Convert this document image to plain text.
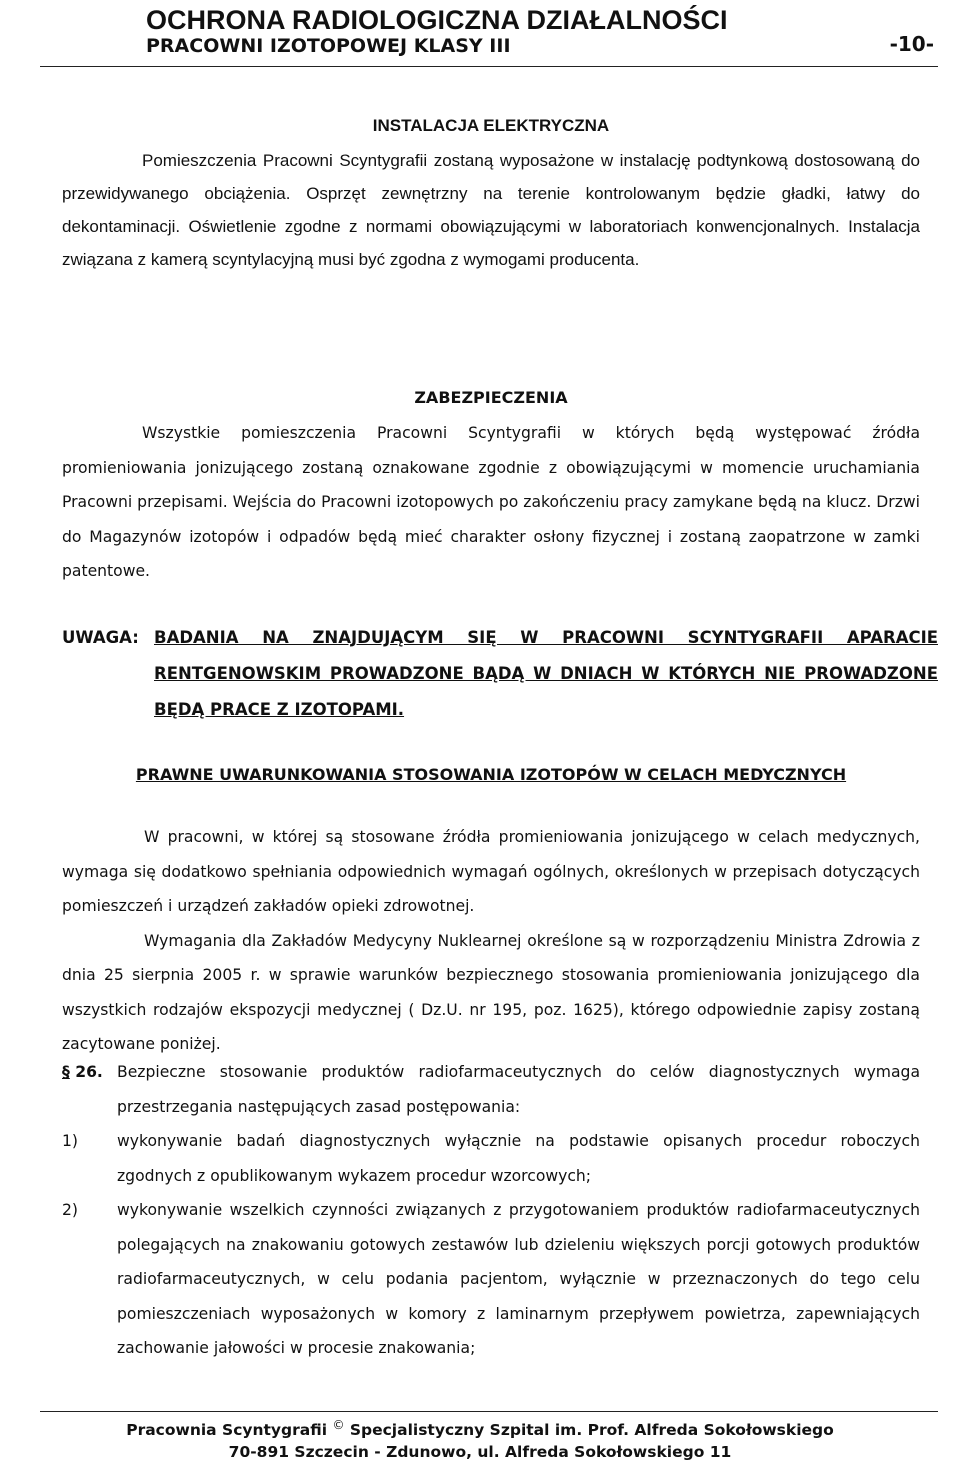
OCHRONA RADIOLOGICZNA DZIAŁALNOŚCI
PRACOWNI IZOTOPOWEJ KLASY III	-10-
INSTALACJA ELEKTRYCZNA

Pomieszczenia Pracowni Scyntygrafii zostaną wyposażone w instalację podtynkową dostosowaną do przewidywanego obciążenia. Osprzęt zewnętrzny na terenie kontrolowanym będzie gładki, łatwy do dekontaminacji. Oświetlenie zgodne z normami obowiązującymi w laboratoriach konwencjonalnych. Instalacja związana z kamerą scyntylacyjną musi być zgodna z wymogami producenta.

ZABEZPIECZENIA

Wszystkie pomieszczenia Pracowni Scyntygrafii w których będą występować źródła promieniowania jonizującego zostaną oznakowane zgodnie z obowiązującymi w momencie uruchamiania Pracowni przepisami. Wejścia do Pracowni izotopowych po zakończeniu pracy zamykane będą na klucz. Drzwi do Magazynów izotopów i odpadów będą mieć charakter osłony fizycznej i zostaną zaopatrzone w zamki patentowe.

UWAGA: BADANIA NA ZNAJDUJĄCYM SIĘ W PRACOWNI SCYNTYGRAFII APARACIE RENTGENOWSKIM PROWADZONE BĄDĄ W DNIACH W KTÓRYCH NIE PROWADZONE BĘDĄ PRACE Z IZOTOPAMI.
PRAWNE UWARUNKOWANIA STOSOWANIA IZOTOPÓW W CELACH MEDYCZNYCH

W pracowni, w której są stosowane źródła promieniowania jonizującego w celach medycznych, wymaga się dodatkowo spełniania odpowiednich wymagań ogólnych, określonych w przepisach dotyczących pomieszczeń i urządzeń zakładów opieki zdrowotnej.

Wymagania dla Zakładów Medycyny Nuklearnej określone są w rozporządzeniu Ministra Zdrowia z dnia 25 sierpnia 2005 r. w sprawie warunków bezpiecznego stosowania promieniowania jonizującego dla wszystkich rodzajów ekspozycji medycznej ( Dz.U. nr 195, poz. 1625), którego odpowiednie zapisy zostaną zacytowane poniżej.

§ 26. Bezpieczne stosowanie produktów radiofarmaceutycznych do celów diagnostycznych wymaga przestrzegania następujących zasad postępowania:
1) wykonywanie badań diagnostycznych wyłącznie na podstawie opisanych procedur roboczych zgodnych z opublikowanym wykazem procedur wzorcowych;
2) wykonywanie wszelkich czynności związanych z przygotowaniem produktów radiofarmaceutycznych polegających na znakowaniu gotowych zestawów lub dzieleniu większych porcji gotowych produktów radiofarmaceutycznych, w celu podania pacjentom, wyłącznie w przeznaczonych do tego celu pomieszczeniach wyposażonych w komory z laminarnym przepływem powietrza, zapewniających zachowanie jałowości w procesie znakowania;
Pracownia Scyntygrafii © Specjalistyczny Szpital im. Prof. Alfreda Sokołowskiego
70-891 Szczecin - Zdunowo, ul. Alfreda Sokołowskiego 11
